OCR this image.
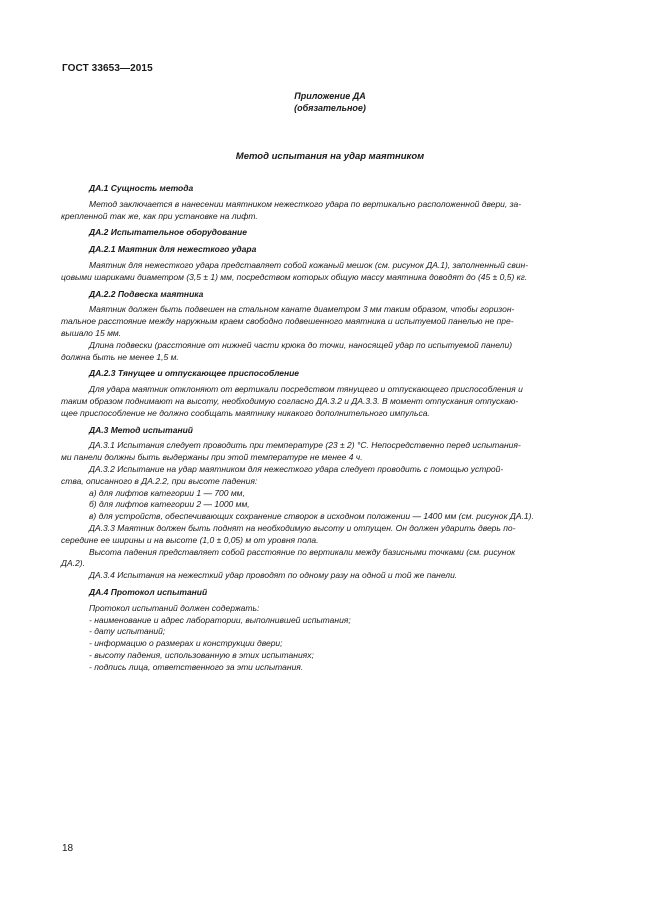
ГОСТ 33653—2015
Приложение ДА
(обязательное)
Метод испытания на удар маятником
ДА.1 Сущность метода
Метод заключается в нанесении маятником нежесткого удара по вертикально расположенной двери, за-
крепленной так же, как при установке на лифт.
ДА.2 Испытательное оборудование
ДА.2.1 Маятник для нежесткого удара
Маятник для нежесткого удара представляет собой кожаный мешок (см. рисунок ДА.1), заполненный свин-
цовыми шариками диаметром (3,5 ± 1) мм, посредством которых общую массу маятника доводят до (45 ± 0,5) кг.
ДА.2.2 Подвеска маятника
Маятник должен быть подвешен на стальном канате диаметром 3 мм таким образом, чтобы горизон-
тальное расстояние между наружным краем свободно подвешенного маятника и испытуемой панелью не пре-
вышало 15 мм.
Длина подвески (расстояние от нижней части крюка до точки, наносящей удар по испытуемой панели)
должна быть не менее 1,5 м.
ДА.2.3 Тянущее и отпускающее приспособление
Для удара маятник отклоняют от вертикали посредством тянущего и отпускающего приспособления и
таким образом поднимают на высоту, необходимую согласно ДА.3.2 и ДА.3.3. В момент отпускания отпускаю-
щее приспособление не должно сообщать маятнику никакого дополнительного импульса.
ДА.3 Метод испытаний
ДА.3.1 Испытания следует проводить при температуре (23 ± 2) °С. Непосредственно перед испытания-
ми панели должны быть выдержаны при этой температуре не менее 4 ч.
ДА.3.2 Испытание на удар маятником для нежесткого удара следует проводить с помощью устрой-
ства, описанного в ДА.2.2, при высоте падения:
а) для лифтов категории 1 — 700 мм,
б) для лифтов категории 2 — 1000 мм,
в) для устройств, обеспечивающих сохранение створок в исходном положении — 1400 мм (см. рисунок ДА.1).
ДА.3.3 Маятник должен быть поднят на необходимую высоту и отпущен. Он должен ударить дверь по-
середине ее ширины и на высоте (1,0 ± 0,05) м от уровня пола.
Высота падения представляет собой расстояние по вертикали между базисными точками (см. рисунок
ДА.2).
ДА.3.4 Испытания на нежесткий удар проводят по одному разу на одной и той же панели.
ДА.4 Протокол испытаний
Протокол испытаний должен содержать:
- наименование и адрес лаборатории, выполнившей испытания;
- дату испытаний;
- информацию о размерах и конструкции двери;
- высоту падения, использованную в этих испытаниях;
- подпись лица, ответственного за эти испытания.
18
